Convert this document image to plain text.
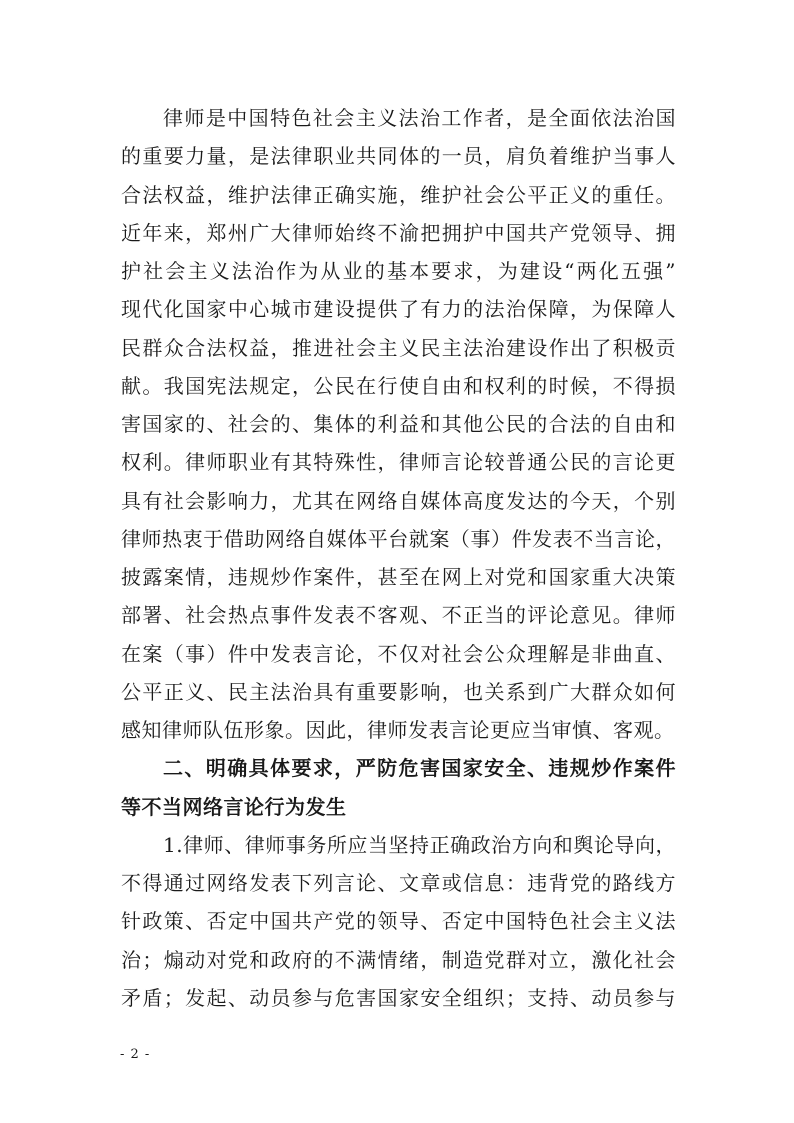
律师是中国特色社会主义法治工作者，是全面依法治国
的重要力量，是法律职业共同体的一员，肩负着维护当事人
合法权益，维护法律正确实施，维护社会公平正义的重任。
近年来，郑州广大律师始终不渝把拥护中国共产党领导、拥
护社会主义法治作为从业的基本要求，为建设“两化五强”
现代化国家中心城市建设提供了有力的法治保障，为保障人
民群众合法权益，推进社会主义民主法治建设作出了积极贡
献。我国宪法规定，公民在行使自由和权利的时候，不得损
害国家的、社会的、集体的利益和其他公民的合法的自由和
权利。律师职业有其特殊性，律师言论较普通公民的言论更
具有社会影响力，尤其在网络自媒体高度发达的今天，个别
律师热衷于借助网络自媒体平台就案（事）件发表不当言论，
披露案情，违规炒作案件，甚至在网上对党和国家重大决策
部署、社会热点事件发表不客观、不正当的评论意见。律师
在案（事）件中发表言论，不仅对社会公众理解是非曲直、
公平正义、民主法治具有重要影响，也关系到广大群众如何
感知律师队伍形象。因此，律师发表言论更应当审慎、客观。
二、明确具体要求，严防危害国家安全、违规炒作案件
等不当网络言论行为发生
1.律师、律师事务所应当坚持正确政治方向和舆论导向，
不得通过网络发表下列言论、文章或信息：违背党的路线方
针政策、否定中国共产党的领导、否定中国特色社会主义法
治；煽动对党和政府的不满情绪，制造党群对立，激化社会
矛盾；发起、动员参与危害国家安全组织；支持、动员参与
- 2 -
